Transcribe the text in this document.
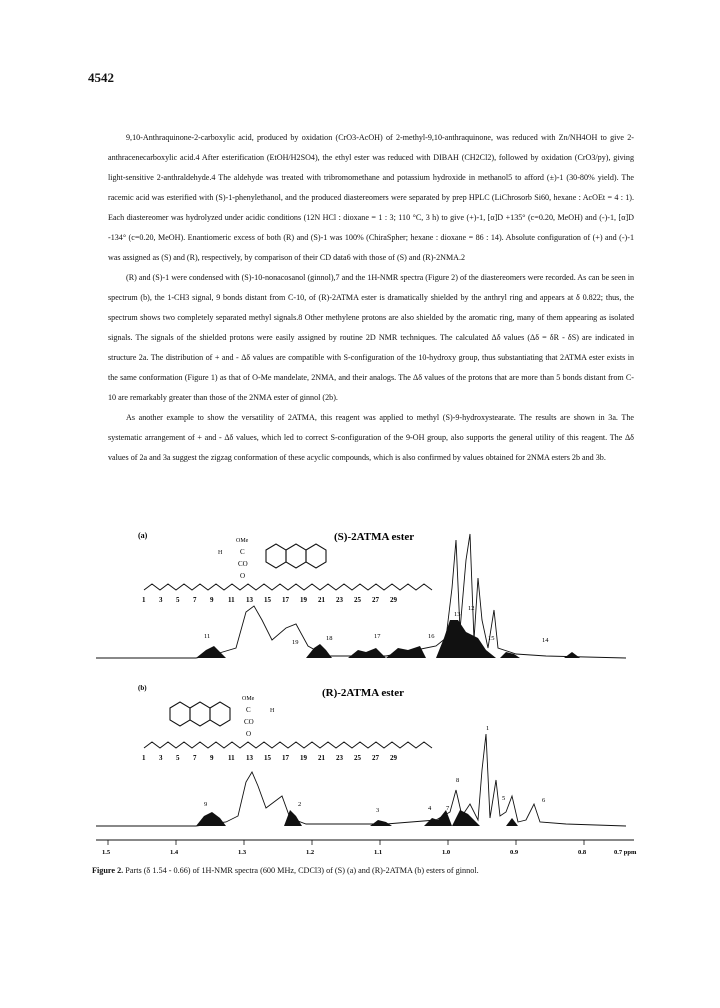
4542

9,10-Anthraquinone-2-carboxylic acid, produced by oxidation (CrO3-AcOH) of 2-methyl-9,10-anthraquinone, was reduced with Zn/NH4OH to give 2-anthracenecarboxylic acid.4 After esterification (EtOH/H2SO4), the ethyl ester was reduced with DIBAH (CH2Cl2), followed by oxidation (CrO3/py), giving light-sensitive 2-anthraldehyde.4 The aldehyde was treated with tribromomethane and potassium hydroxide in methanol5 to afford (±)-1 (30-80% yield). The racemic acid was esterified with (S)-1-phenylethanol, and the produced diastereomers were separated by prep HPLC (LiChrosorb Si60, hexane : AcOEt = 4 : 1). Each diastereomer was hydrolyzed under acidic conditions (12N HCl : dioxane = 1 : 3; 110 °C, 3 h) to give (+)-1, [α]D +135° (c=0.20, MeOH) and (-)-1, [α]D -134° (c=0.20, MeOH). Enantiomeric excess of both (R) and (S)-1 was 100% (ChiraSpher; hexane : dioxane = 86 : 14). Absolute configuration of (+) and (-)-1 was assigned as (S) and (R), respectively, by comparison of their CD data6 with those of (S) and (R)-2NMA.2

(R) and (S)-1 were condensed with (S)-10-nonacosanol (ginnol),7 and the 1H-NMR spectra (Figure 2) of the diastereomers were recorded. As can be seen in spectrum (b), the 1-CH3 signal, 9 bonds distant from C-10, of (R)-2ATMA ester is dramatically shielded by the anthryl ring and appears at δ 0.822; thus, the spectrum shows two completely separated methyl signals.8 Other methylene protons are also shielded by the aromatic ring, many of them appearing as isolated signals. The signals of the shielded protons were easily assigned by routine 2D NMR techniques. The calculated Δδ values (Δδ = δR - δS) are indicated in structure 2a. The distribution of + and - Δδ values are compatible with S-configuration of the 10-hydroxy group, thus substantiating that 2ATMA ester exists in the same conformation (Figure 1) as that of O-Me mandelate, 2NMA, and their analogs. The Δδ values of the protons that are more than 5 bonds distant from C-10 are remarkably greater than those of the 2NMA ester of ginnol (2b).

As another example to show the versatility of 2ATMA, this reagent was applied to methyl (S)-9-hydroxystearate. The results are shown in 3a. The systematic arrangement of + and - Δδ values, which led to correct S-configuration of the 9-OH group, also supports the general utility of this reagent. The Δδ values of 2a and 3a suggest the zigzag conformation of these acyclic compounds, which is also confirmed by values obtained for 2NMA esters 2b and 3b.

(a)	(S)-2ATMA ester
OMe
H	C
CO
O
1 3 5 7 9 11 13 15 17 19 21 23 25 27 29
11
19
18	17	16
13
12
15	14
(b)	(R)-2ATMA ester
OMe
H
C
CO
O
1 3 5 7 9 11 13 15 17 19 21 23 25 27 29
9	2
3	4 7
8
1
5	6
1.5	1.4	1.3	1.2	1.1	1.0	0.9	0.8	0.7 ppm
Figure 2. Parts (δ 1.54 - 0.66) of 1H-NMR spectra (600 MHz, CDCl3) of (S) (a) and (R)-2ATMA (b) esters of ginnol.
